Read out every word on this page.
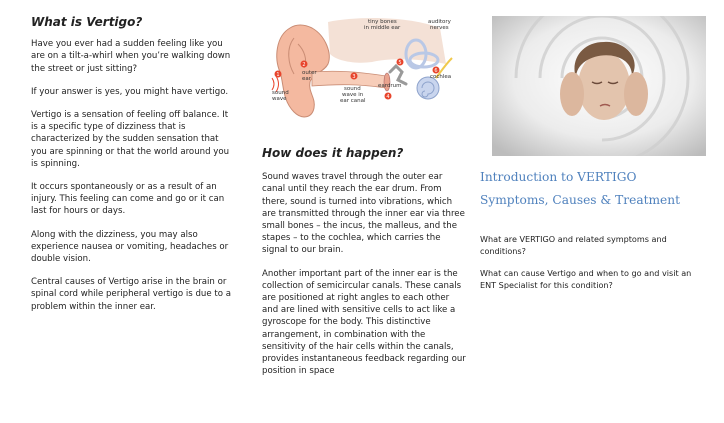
What is Vertigo?

Have you ever had a sudden feeling like you are on a tilt-a-whirl when you’re walking down the street or just sitting?

If your answer is yes, you might have vertigo.

Vertigo is a sensation of feeling off balance. It is a specific type of dizziness that is characterized by the sudden sensation that you are spinning or that the world around you is spinning.

It occurs spontaneously or as a result of an injury. This feeling can come and go or it can last for hours or days.

Along with the dizziness, you may also experience nausea or vomiting, headaches or double vision.

Central causes of Vertigo arise in the brain or spinal cord while peripheral vertigo is due to a problem within the inner ear.

1
2
3
4
5
6
tiny bones
in middle ear
auditory
nerves
outer
ear
sound
wave
sound
wave in
ear canal
eardrum
cochlea
How does it happen?

Sound waves travel through the outer ear canal until they reach the ear drum. From there, sound is turned into vibrations, which are transmitted through the inner ear via three small bones – the incus, the malleus, and the stapes – to the cochlea, which carries the signal to our brain.

Another important part of the inner ear is the collection of semicircular canals. These canals are positioned at right angles to each other and are lined with sensitive cells to act like a gyroscope for the body. This distinctive arrangement, in combination with the sensitivity of the hair cells within the canals, provides instantaneous feedback regarding our position in space

Introduction to VERTIGO
Symptoms, Causes & Treatment

What are VERTIGO and related symptoms and conditions?

What can cause Vertigo and when to go and visit an ENT Specialist for this condition?
